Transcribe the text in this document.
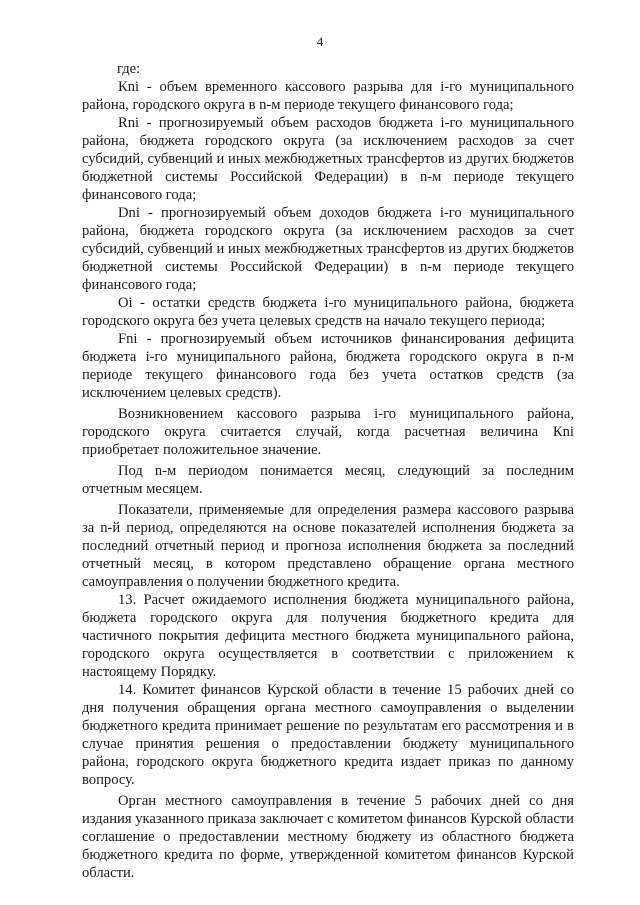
4

где:

Кni - объем временного кассового разрыва для i-го муниципального района, городского округа в n-м периоде текущего финансового года;

Rni - прогнозируемый объем расходов бюджета i-го муниципального района, бюджета городского округа (за исключением расходов за счет субсидий, субвенций и иных межбюджетных трансфертов из других бюджетов бюджетной системы Российской Федерации) в n-м периоде текущего финансового года;

Dni - прогнозируемый объем доходов бюджета i-го муниципального района, бюджета городского округа (за исключением расходов за счет субсидий, субвенций и иных межбюджетных трансфертов из других бюджетов бюджетной системы Российской Федерации) в n-м периоде текущего финансового года;

Оi - остатки средств бюджета i-го муниципального района, бюджета городского округа без учета целевых средств на начало текущего периода;

Fni - прогнозируемый объем источников финансирования дефицита бюджета i-го муниципального района, бюджета городского округа в n-м периоде текущего финансового года без учета остатков средств (за исключением целевых средств).

Возникновением кассового разрыва i-го муниципального района, городского округа считается случай, когда расчетная величина Кni приобретает положительное значение.

Под n-м периодом понимается месяц, следующий за последним отчетным месяцем.

Показатели, применяемые для определения размера кассового разрыва за n-й период, определяются на основе показателей исполнения бюджета за последний отчетный период и прогноза исполнения бюджета за последний отчетный месяц, в котором представлено обращение органа местного самоуправления о получении бюджетного кредита.

13. Расчет ожидаемого исполнения бюджета муниципального района, бюджета городского округа для получения бюджетного кредита для частичного покрытия дефицита местного бюджета муниципального района, городского округа осуществляется в соответствии с приложением к настоящему Порядку.

14. Комитет финансов Курской области в течение 15 рабочих дней со дня получения обращения органа местного самоуправления о выделении бюджетного кредита принимает решение по результатам его рассмотрения и в случае принятия решения о предоставлении бюджету муниципального района, городского округа бюджетного кредита издает приказ по данному вопросу.

Орган местного самоуправления в течение 5 рабочих дней со дня издания указанного приказа заключает с комитетом финансов Курской области соглашение о предоставлении местному бюджету из областного бюджета бюджетного кредита по форме, утвержденной комитетом финансов Курской области.
